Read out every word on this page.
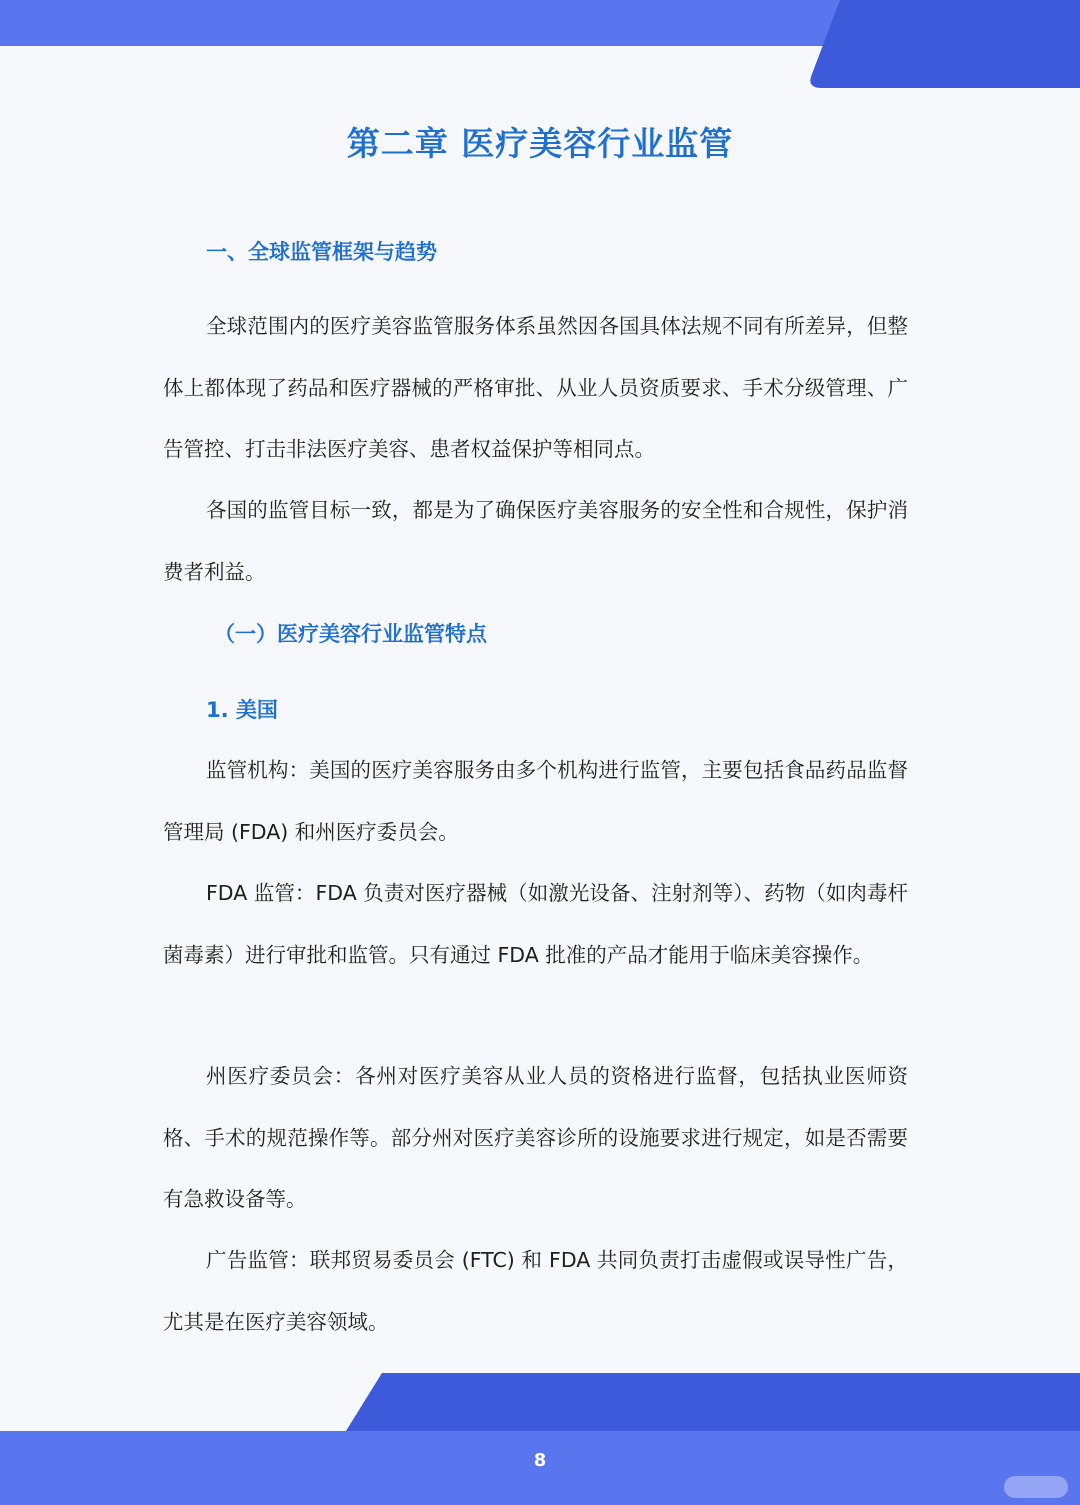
第二章 医疗美容行业监管
一、全球监管框架与趋势

全球范围内的医疗美容监管服务体系虽然因各国具体法规不同有所差异，但整体上都体现了药品和医疗器械的严格审批、从业人员资质要求、手术分级管理、广告管控、打击非法医疗美容、患者权益保护等相同点。

各国的监管目标一致，都是为了确保医疗美容服务的安全性和合规性，保护消费者利益。

（一）医疗美容行业监管特点
1. 美国

监管机构：美国的医疗美容服务由多个机构进行监管，主要包括食品药品监督管理局 (FDA) 和州医疗委员会。

FDA 监管：FDA 负责对医疗器械（如激光设备、注射剂等）、药物（如肉毒杆菌毒素）进行审批和监管。只有通过 FDA 批准的产品才能用于临床美容操作。

州医疗委员会：各州对医疗美容从业人员的资格进行监督，包括执业医师资格、手术的规范操作等。部分州对医疗美容诊所的设施要求进行规定，如是否需要有急救设备等。

广告监管：联邦贸易委员会 (FTC) 和 FDA 共同负责打击虚假或误导性广告，尤其是在医疗美容领域。

8
